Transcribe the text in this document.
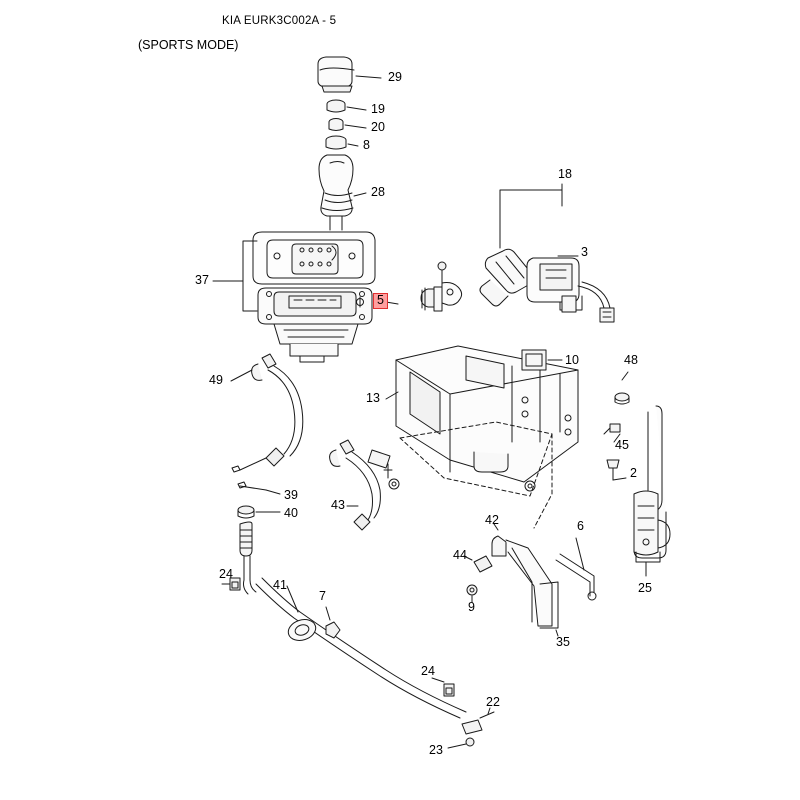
KIA EURK3C002A - 5
(SPORTS MODE)
29
19
20
8
28
18
3
37
5
10	48
49
13
45
2
39
40
43
42	6
44
25
24
41
9
7
35
24
22
23
